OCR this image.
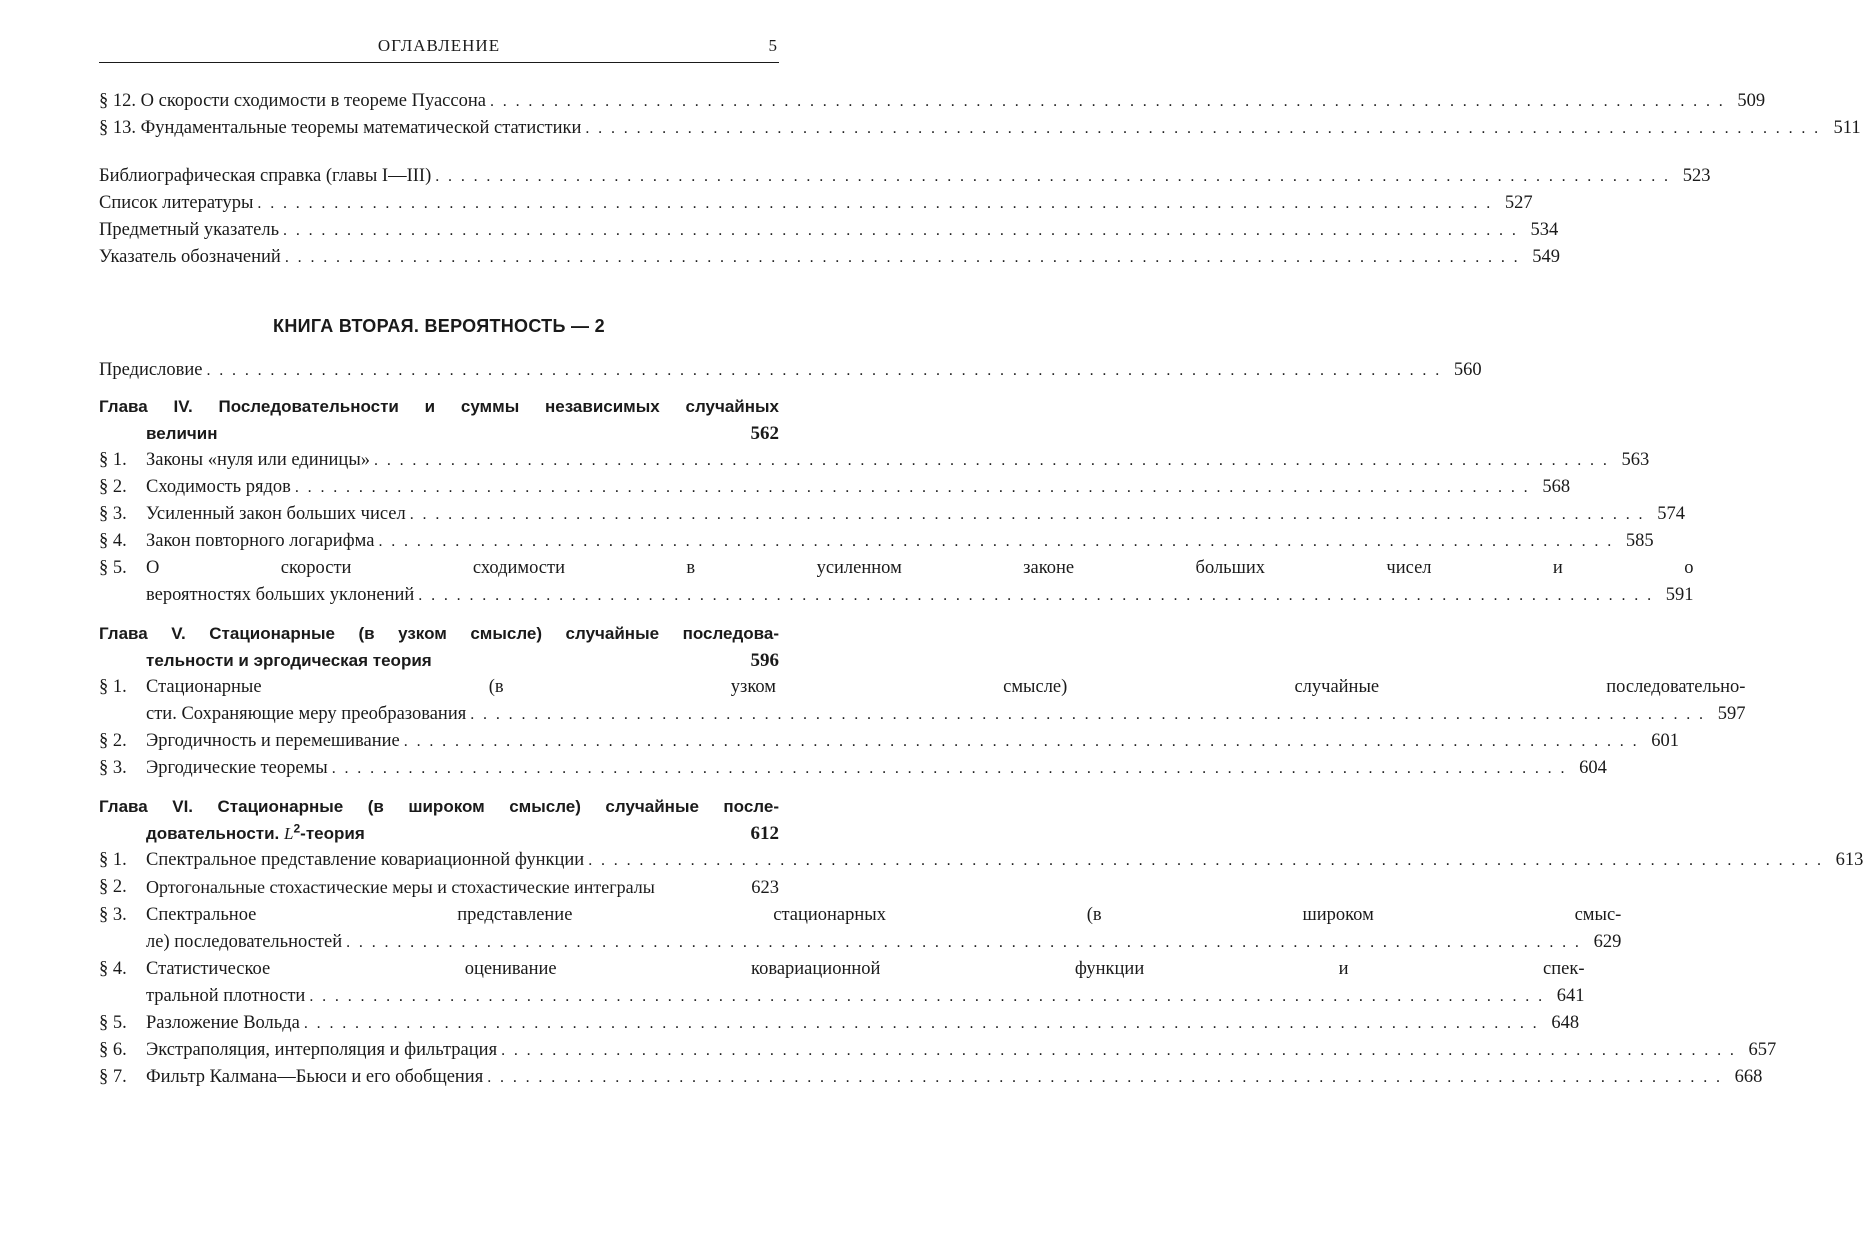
ОГЛАВЛЕНИЕ	5
§ 12. О скорости сходимости в теореме Пуассона . . .	509
§ 13. Фундаментальные теоремы математической статистики . . .	511
Библиографическая справка (главы I—III) . . .	523
Список литературы . . .	527
Предметный указатель . . .	534
Указатель обозначений . . .	549
КНИГА ВТОРАЯ. ВЕРОЯТНОСТЬ — 2
Предисловие . . .	560
Глава IV. Последовательности и суммы независимых случайных
величин	562
§ 1.	Законы «нуля или единицы» . . .	563
§ 2.	Сходимость рядов . . .	568
§ 3.	Усиленный закон больших чисел . . .	574
§ 4.	Закон повторного логарифма . . .	585
§ 5.	О скорости сходимости в усиленном законе больших чисел и о
вероятностях больших уклонений . . .	591
Глава V. Стационарные (в узком смысле) случайные последова-
тельности и эргодическая теория	596
§ 1.	Стационарные (в узком смысле) случайные последовательно-
сти. Сохраняющие меру преобразования . . .	597
§ 2.	Эргодичность и перемешивание . . .	601
§ 3.	Эргодические теоремы . . .	604
Глава VI. Стационарные (в широком смысле) случайные после-
довательности. $L^2$-теория	612
§ 1.	Спектральное представление ковариационной функции . . .	613
§ 2.	Ортогональные стохастические меры и стохастические интегралы	623
§ 3.	Спектральное представление стационарных (в широком смыс-
ле) последовательностей . . .	629
§ 4.	Статистическое оценивание ковариационной функции и спек-
тральной плотности . . .	641
§ 5.	Разложение Вольда . . .	648
§ 6.	Экстраполяция, интерполяция и фильтрация . . .	657
§ 7.	Фильтр Калмана—Бьюси и его обобщения . . .	668
